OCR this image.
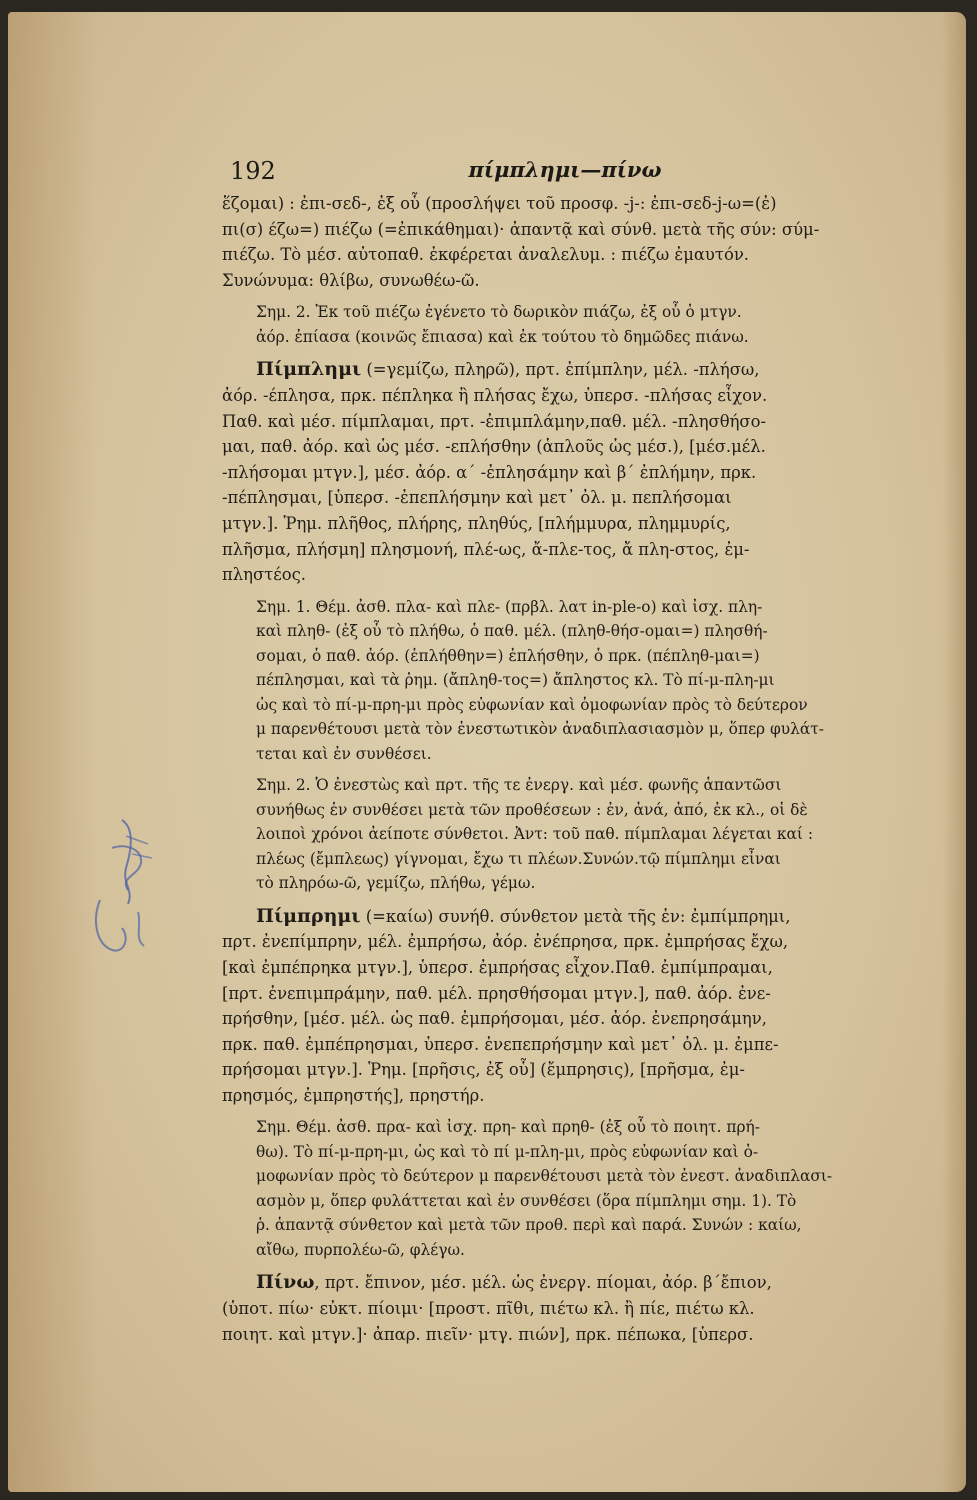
192	πίμπλημι—πίνω
ἕζομαι) : ἐπι-σεδ-, ἐξ οὗ (προσλήψει τοῦ προσφ. -j-: ἐπι-σεδ-j-ω=(ἐ)
πι(σ) έζω=) πιέζω (=ἐπικάθημαι)· ἀπαντᾷ καὶ σύνθ. μετὰ τῆς σύν: σύμ-
πιέζω. Τὸ μέσ. αὐτοπαθ. ἐκφέρεται ἀναλελυμ. : πιέζω ἐμαυτόν.
Συνώνυμα: θλίβω, συνωθέω-ῶ.
Σημ. 2. Ἐκ τοῦ πιέζω ἐγένετο τὸ δωρικὸν πιάζω, ἐξ οὗ ὁ μτγν.
ἀόρ. ἐπίασα (κοινῶς ἔπιασα) καὶ ἐκ τούτου τὸ δημῶδες πιάνω.
Πίμπλημι (=γεμίζω, πληρῶ), πρτ. ἐπίμπλην, μέλ. -πλήσω,
ἀόρ. -έπλησα, πρκ. πέπληκα ἢ πλήσας ἔχω, ὑπερσ. -πλήσας εἶχον.
Παθ. καὶ μέσ. πίμπλαμαι, πρτ. -ἐπιμπλάμην,παθ. μέλ. -πλησθήσο-
μαι, παθ. ἀόρ. καὶ ὡς μέσ. -επλήσθην (ἁπλοῦς ὡς μέσ.), [μέσ.μέλ.
-πλήσομαι μτγν.], μέσ. ἀόρ. α΄ -ἐπλησάμην καὶ β΄ ἐπλήμην, πρκ.
-πέπλησμαι, [ὑπερσ. -ἐπεπλήσμην καὶ μετ᾽ ὀλ. μ. πεπλήσομαι
μτγν.]. Ῥημ. πλῆθος, πλήρης, πληθύς, [πλήμμυρα, πλημμυρίς,
πλῆσμα, πλήσμη] πλησμονή, πλέ-ως, ἄ-πλε-τος, ἄ πλη-στος, ἐμ-
πληστέος.
Σημ. 1. Θέμ. ἀσθ. πλα- καὶ πλε- (πρβλ. λατ in-ple-o) καὶ ἰσχ. πλη-
καὶ πληθ- (ἐξ οὗ τὸ πλήθω, ὁ παθ. μέλ. (πληθ-θήσ-ομαι=) πλησθή-
σομαι, ὁ παθ. ἀόρ. (ἐπλήθθην=) ἐπλήσθην, ὁ πρκ. (πέπληθ-μαι=)
πέπλησμαι, καὶ τὰ ῥημ. (ἄπληθ-τος=) ἄπληστος κλ. Τὸ πί-μ-πλη-μι
ὡς καὶ τὸ πί-μ-πρη-μι πρὸς εὐφωνίαν καὶ ὁμοφωνίαν πρὸς τὸ δεύτερον
μ παρενθέτουσι μετὰ τὸν ἐνεστωτικὸν ἀναδιπλασιασμὸν μ, ὅπερ φυλάτ-
τεται καὶ ἐν συνθέσει.
Σημ. 2. Ὁ ἐνεστὼς καὶ πρτ. τῆς τε ἐνεργ. καὶ μέσ. φωνῆς ἁπαντῶσι
συνήθως ἐν συνθέσει μετὰ τῶν προθέσεων : ἐν, ἀνά, ἀπό, ἐκ κλ., οἱ δὲ
λοιποὶ χρόνοι ἀείποτε σύνθετοι. Ἀντ: τοῦ παθ. πίμπλαμαι λέγεται καί :
πλέως (ἔμπλεως) γίγνομαι, ἔχω τι πλέων.Συνών.τῷ πίμπλημι εἶναι
τὸ πληρόω-ῶ, γεμίζω, πλήθω, γέμω.
Πίμπρημι (=καίω) συνήθ. σύνθετον μετὰ τῆς ἐν: ἐμπίμπρημι,
πρτ. ἐνεπίμπρην, μέλ. ἐμπρήσω, ἀόρ. ἐνέπρησα, πρκ. ἐμπρήσας ἔχω,
[καὶ ἐμπέπρηκα μτγν.], ὑπερσ. ἐμπρήσας εἶχον.Παθ. ἐμπίμπραμαι,
[πρτ. ἐνεπιμπράμην, παθ. μέλ. πρησθήσομαι μτγν.], παθ. ἀόρ. ἐνε-
πρήσθην, [μέσ. μέλ. ὡς παθ. ἐμπρήσομαι, μέσ. ἀόρ. ἐνεπρησάμην,
πρκ. παθ. ἐμπέπρησμαι, ὑπερσ. ἐνεπεπρήσμην καὶ μετ᾽ ὀλ. μ. ἐμπε-
πρήσομαι μτγν.]. Ῥημ. [πρῆσις, ἐξ οὗ] (ἔμπρησις), [πρῆσμα, ἐμ-
πρησμός, ἐμπρηστής], πρηστήρ.
Σημ. Θέμ. ἀσθ. πρα- καὶ ἰσχ. πρη- καὶ πρηθ- (ἐξ οὗ τὸ ποιητ. πρή-
θω). Τὸ πί-μ-πρη-μι, ὡς καὶ τὸ πί μ-πλη-μι, πρὸς εὐφωνίαν καὶ ὁ-
μοφωνίαν πρὸς τὸ δεύτερον μ παρενθέτουσι μετὰ τὸν ἐνεστ. ἀναδιπλασι-
ασμὸν μ, ὅπερ φυλάττεται καὶ ἐν συνθέσει (ὅρα πίμπλημι σημ. 1). Τὸ
ῥ. ἁπαντᾷ σύνθετον καὶ μετὰ τῶν προθ. περὶ καὶ παρά. Συνών : καίω,
αἴθω, πυρπολέω-ῶ, φλέγω.
Πίνω, πρτ. ἔπινον, μέσ. μέλ. ὡς ἐνεργ. πίομαι, ἀόρ. β΄ἔπιον,
(ὑποτ. πίω· εὐκτ. πίοιμι· [προστ. πῖθι, πιέτω κλ. ἢ πίε, πιέτω κλ.
ποιητ. καὶ μτγν.]· ἀπαρ. πιεῖν· μτγ. πιών], πρκ. πέπωκα, [ὑπερσ.
